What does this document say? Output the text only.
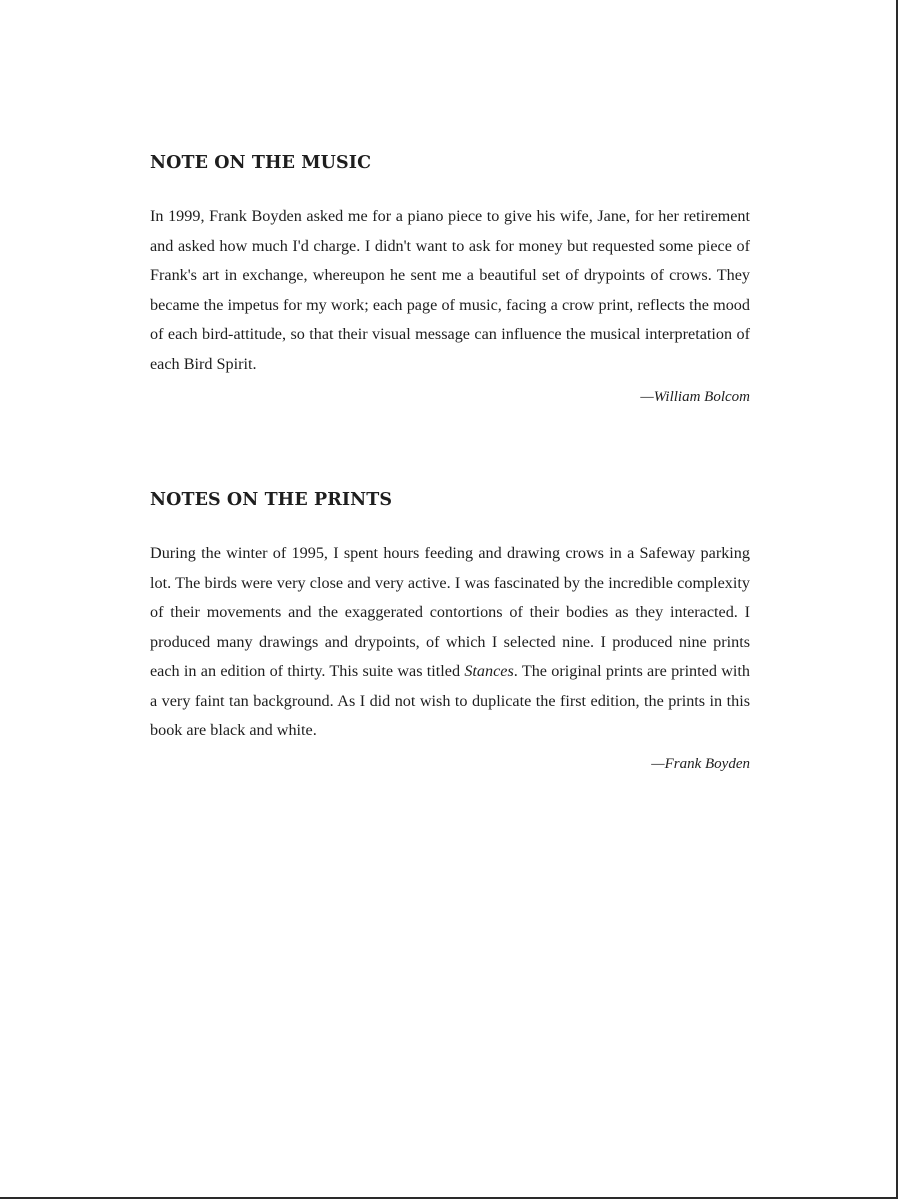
NOTE ON THE MUSIC

In 1999, Frank Boyden asked me for a piano piece to give his wife, Jane, for her retirement and asked how much I'd charge. I didn't want to ask for money but requested some piece of Frank's art in exchange, whereupon he sent me a beautiful set of drypoints of crows. They became the impetus for my work; each page of music, facing a crow print, reflects the mood of each bird-attitude, so that their visual message can influence the musical interpretation of each Bird Spirit.

—William Bolcom

NOTES ON THE PRINTS

During the winter of 1995, I spent hours feeding and drawing crows in a Safeway parking lot. The birds were very close and very active. I was fascinated by the incredible complexity of their movements and the exaggerated contortions of their bodies as they interacted. I produced many drawings and drypoints, of which I selected nine. I produced nine prints each in an edition of thirty. This suite was titled Stances. The original prints are printed with a very faint tan background. As I did not wish to duplicate the first edition, the prints in this book are black and white.

—Frank Boyden
